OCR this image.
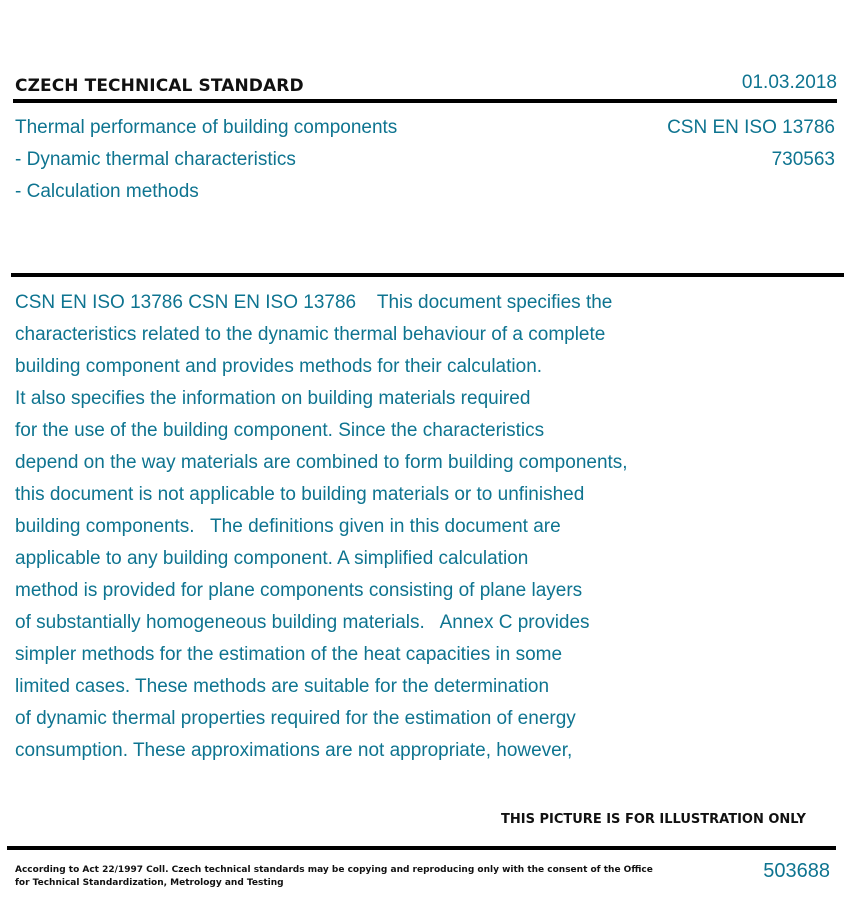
CZECH TECHNICAL STANDARD	01.03.2018
Thermal performance of building components
- Dynamic thermal characteristics
- Calculation methods
CSN EN ISO 13786
730563
CSN EN ISO 13786 CSN EN ISO 13786    This document specifies the
characteristics related to the dynamic thermal behaviour of a complete
building component and provides methods for their calculation.
It also specifies the information on building materials required
for the use of the building component. Since the characteristics
depend on the way materials are combined to form building components,
this document is not applicable to building materials or to unfinished
building components.   The definitions given in this document are
applicable to any building component. A simplified calculation
method is provided for plane components consisting of plane layers
of substantially homogeneous building materials.   Annex C provides
simpler methods for the estimation of the heat capacities in some
limited cases. These methods are suitable for the determination
of dynamic thermal properties required for the estimation of energy
consumption. These approximations are not appropriate, however,
THIS PICTURE IS FOR ILLUSTRATION ONLY
According to Act 22/1997 Coll. Czech technical standards may be copying and reproducing only with the consent of the Office
for Technical Standardization, Metrology and Testing
503688
